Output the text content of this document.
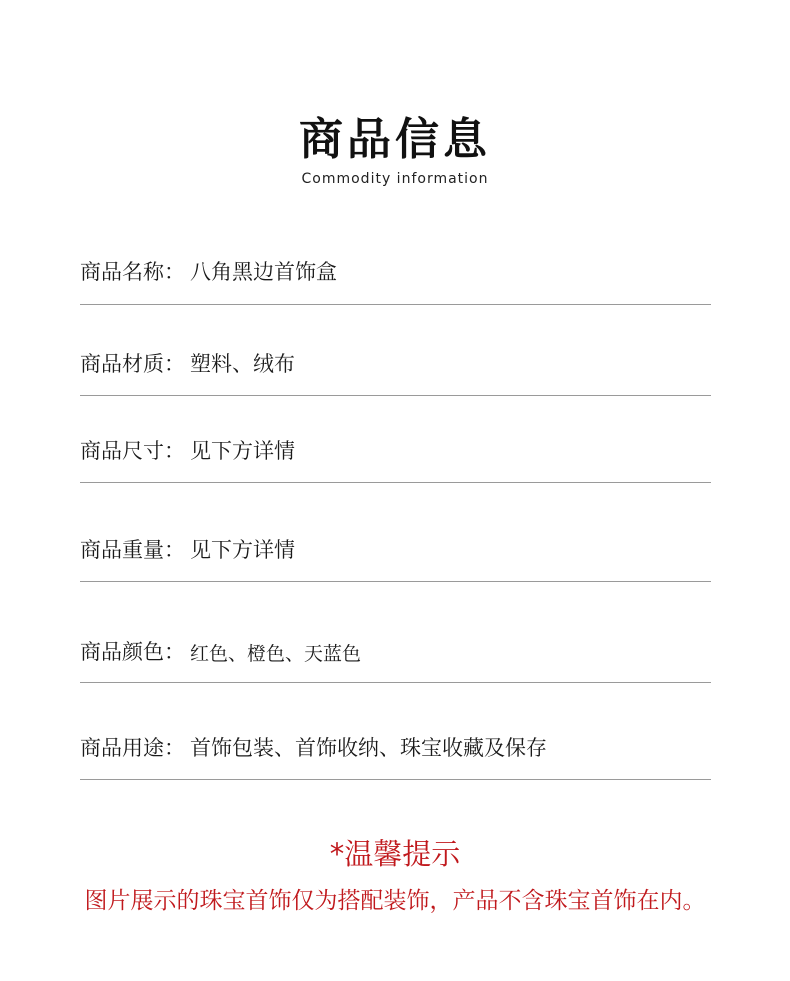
商品信息
Commodity information
商品名称： 八角黑边首饰盒
商品材质： 塑料、绒布
商品尺寸： 见下方详情
商品重量： 见下方详情
商品颜色： 红色、橙色、天蓝色
商品用途： 首饰包装、首饰收纳、珠宝收藏及保存
*温馨提示
图片展示的珠宝首饰仅为搭配装饰，产品不含珠宝首饰在内。
